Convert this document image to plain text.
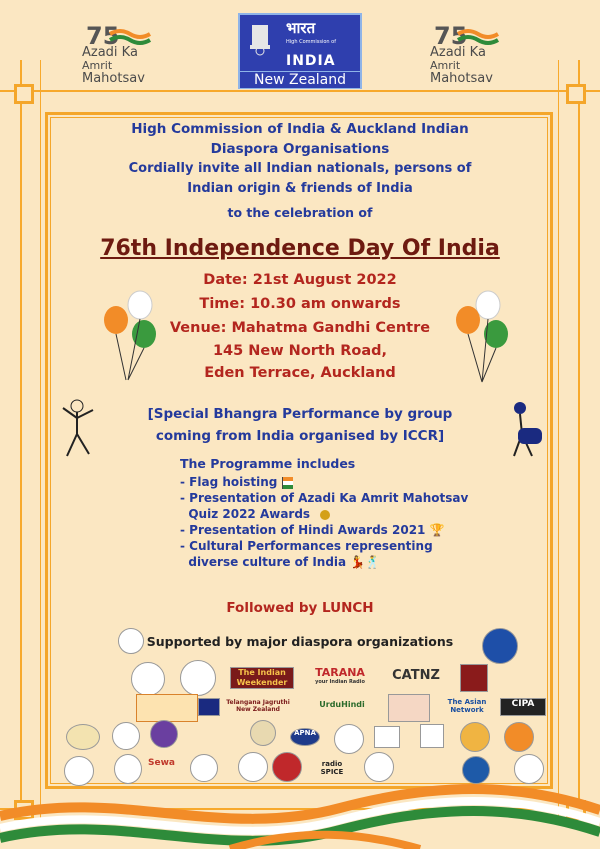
75
Azadi Ka
Amrit Mahotsav
भारत
High Commission of
INDIA
New Zealand
75
Azadi Ka
Amrit Mahotsav
High Commission of India & Auckland Indian
Diaspora Organisations
Cordially invite all Indian nationals, persons of
Indian origin & friends of India
to the celebration of
76th Independence Day Of India
Date: 21st August 2022
Time: 10.30 am onwards
Venue: Mahatma Gandhi Centre
145 New North Road,
Eden Terrace, Auckland
[Special Bhangra Performance by group
coming from India organised by ICCR]
The Programme includes
- Flag hoisting
- Presentation of Azadi Ka Amrit Mahotsav
Quiz 2022 Awards
- Presentation of Hindi Awards 2021 🏆
- Cultural Performances representing
diverse culture of India 💃🕺
Followed by LUNCH
Supported by major diaspora organizations
The Indian Weekender
TARANA
your Indian Radio	CATNZ
Telangana Jagruthi New Zealand
UrduHindi	The Asian Network
CIPA
APNA
Sewa	radio SPICE
